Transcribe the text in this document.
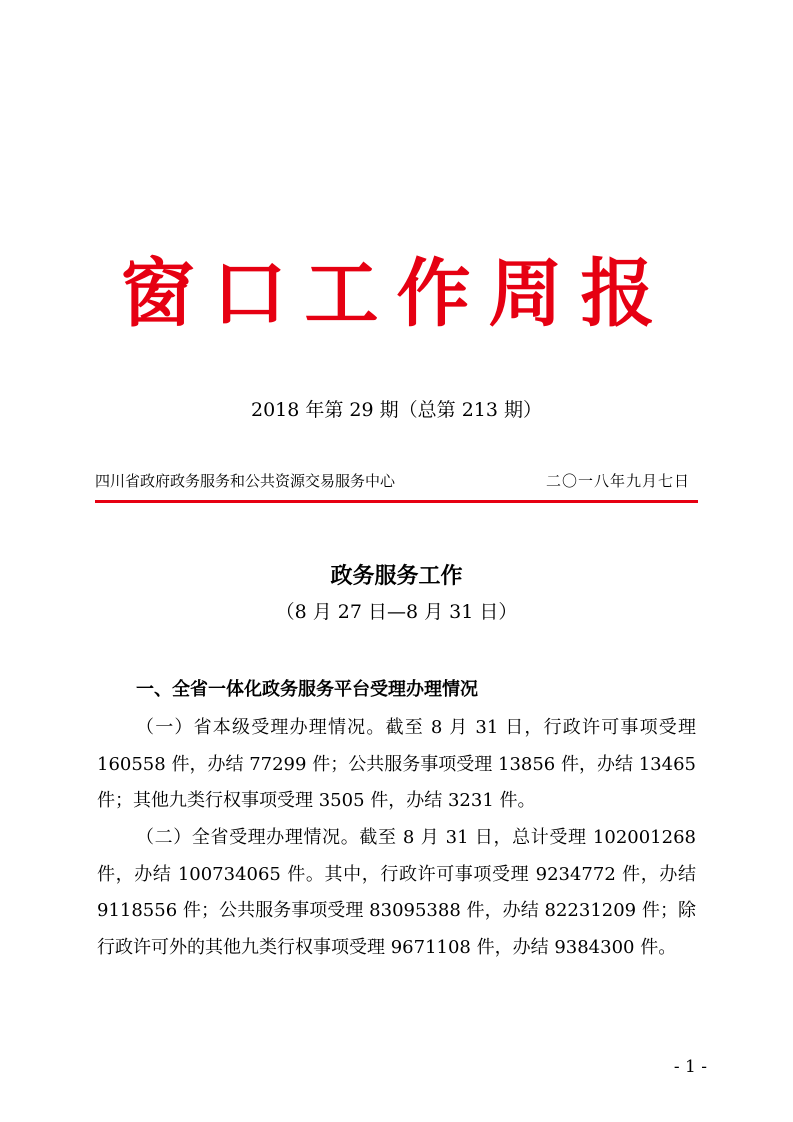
窗口工作周报
2018 年第 29 期（总第 213 期）
四川省政府政务服务和公共资源交易服务中心	二〇一八年九月七日
政务服务工作
（8 月 27 日—8 月 31 日）
一、全省一体化政务服务平台受理办理情况

（一）省本级受理办理情况。截至 8 月 31 日，行政许可事项受理 160558 件，办结 77299 件；公共服务事项受理 13856 件，办结 13465 件；其他九类行权事项受理 3505 件，办结 3231 件。

（二）全省受理办理情况。截至 8 月 31 日，总计受理 102001268 件，办结 100734065 件。其中，行政许可事项受理 9234772 件，办结 9118556 件；公共服务事项受理 83095388 件，办结 82231209 件；除行政许可外的其他九类行权事项受理 9671108 件，办结 9384300 件。

- 1 -
